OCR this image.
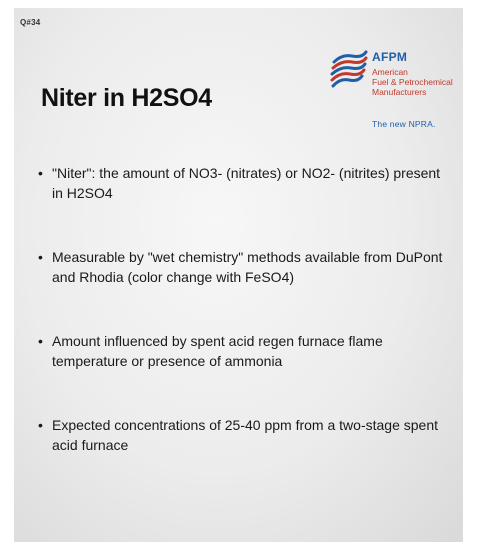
Q#34
AFPM
American
Fuel & Petrochemical
Manufacturers
The new NPRA.
Niter in H2SO4
• "Niter": the amount of NO3- (nitrates) or NO2- (nitrites) present in H2SO4
• Measurable by "wet chemistry" methods available from DuPont and Rhodia (color change with FeSO4)
• Amount influenced by spent acid regen furnace flame temperature or presence of ammonia
• Expected concentrations of 25-40 ppm from a two-stage spent acid furnace
